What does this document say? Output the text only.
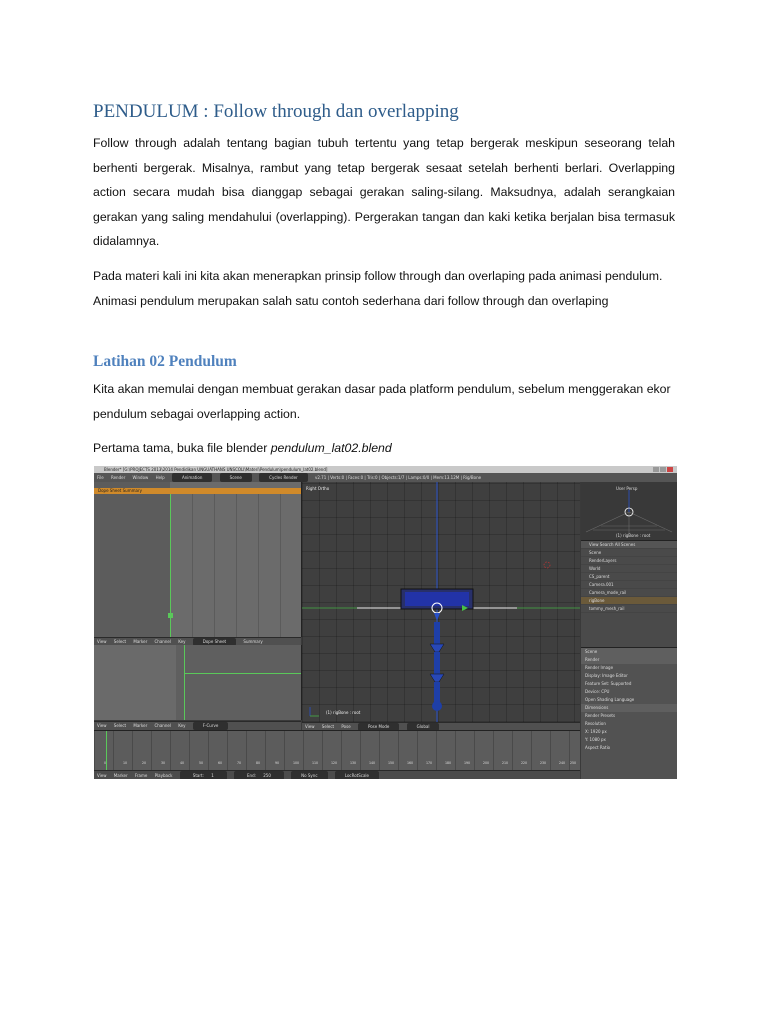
PENDULUM : Follow through dan overlapping

Follow through adalah tentang bagian tubuh tertentu yang tetap bergerak meskipun seseorang telah berhenti bergerak. Misalnya, rambut yang tetap bergerak sesaat setelah berhenti berlari. Overlapping action secara mudah bisa dianggap sebagai gerakan saling-silang. Maksudnya, adalah serangkaian gerakan yang saling mendahului (overlapping). Pergerakan tangan dan kaki ketika berjalan bisa termasuk didalamnya.

Pada materi kali ini kita akan menerapkan prinsip follow through dan overlaping pada animasi pendulum. Animasi pendulum merupakan salah satu contoh sederhana dari follow through dan overlaping

Latihan 02 Pendulum

Kita akan memulai dengan membuat gerakan dasar pada platform pendulum, sebelum menggerakan ekor pendulum sebagai overlapping action.

Pertama tama, buka file blender pendulum_lat02.blend

Blender* [G:\PROJECTS 2013\2014 Pendidikan UNGUATHANS UNSCOLI\Materi\Pendulum\pendulum_lat02.blend]
File Render Window Help	Animation	Scene	Cycles Render	v2.71 | Verts:0 | Faces:0 | Tris:0 | Objects:1/7 | Lamps:0/0 | Mem:13.12M | Rig/Bone
Dope Sheet Summary
View Select Marker Channel Key	Dope Sheet	Summary
View Select Marker Channel Key	F-Curve
Right Ortho
(1) rigBone : root
View Select Pose	Pose Mode	Global
User Persp
(1) rigBone : root
View Search All Scenes
Scene
RenderLayers
World
CS_parent
Camera.001
Camera_mode_rail
rigBone
tommy_mesh_rail
Scene
Render
Render Image
Display: Image Editor
Feature Set: Supported
Device: CPU
Open Shading Language
Dimensions
Render Presets
Resolution
X: 1920 px
Y: 1080 px
Aspect Ratio
0	10	20	30	40	50	60	70	80	90	100	110	120	130	140	150	160	170	180	190	200	210	220	230	240 250
View Marker Frame Playback	Start: 1	End: 250	No Sync	LocRotScale
